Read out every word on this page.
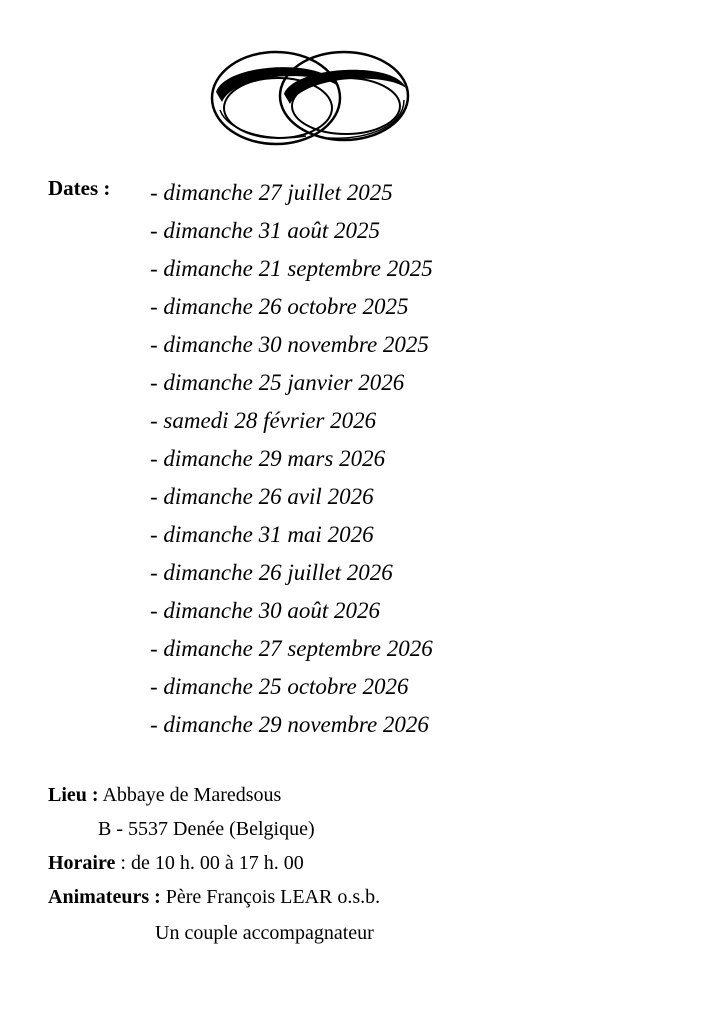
Dates : - dimanche 27 juillet 2025
- dimanche 31 août 2025
- dimanche 21 septembre 2025
- dimanche 26 octobre 2025
- dimanche 30 novembre 2025
- dimanche 25 janvier 2026
- samedi 28 février 2026
- dimanche 29 mars 2026
- dimanche 26 avil 2026
- dimanche 31 mai 2026
- dimanche 26 juillet 2026
- dimanche 30 août 2026
- dimanche 27 septembre 2026
- dimanche 25 octobre 2026
- dimanche 29 novembre 2026
Lieu : Abbaye de Maredsous
B - 5537 Denée (Belgique)
Horaire : de 10 h. 00 à 17 h. 00
Animateurs : Père François LEAR o.s.b.
Un couple accompagnateur
